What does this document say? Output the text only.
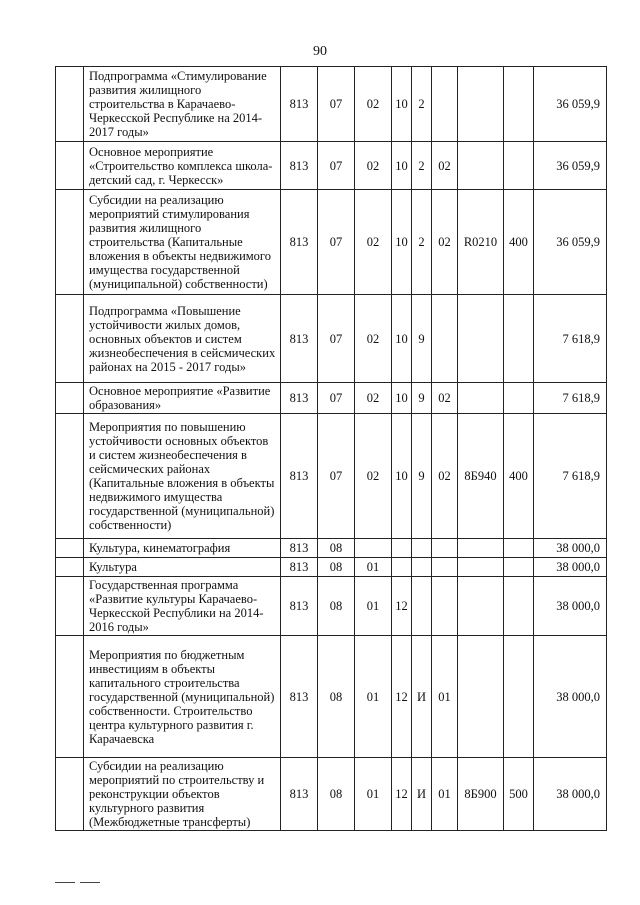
90
	Подпрограмма «Стимулирование развития жилищного строительства в Карачаево-Черкесской Республике на 2014-2017 годы»	813	07	02	10	2				36 059,9
	Основное мероприятие «Строительство комплекса школа-детский сад, г. Черкесск»	813	07	02	10	2	02			36 059,9
	Субсидии на реализацию мероприятий стимулирования развития жилищного строительства (Капитальные вложения в объекты недвижимого имущества государственной (муниципальной) собственности)	813	07	02	10	2	02	R0210	400	36 059,9
	Подпрограмма «Повышение устойчивости жилых домов, основных объектов и систем жизнеобеспечения в сейсмических районах на 2015 - 2017 годы»	813	07	02	10	9				7 618,9
	Основное мероприятие «Развитие образования»	813	07	02	10	9	02			7 618,9
	Мероприятия по повышению устойчивости основных объектов и систем жизнеобеспечения в сейсмических районах (Капитальные вложения в объекты недвижимого имущества государственной (муниципальной) собственности)	813	07	02	10	9	02	8Б940	400	7 618,9
	Культура, кинематография	813	08							38 000,0
	Культура	813	08	01						38 000,0
	Государственная программа «Развитие культуры Карачаево-Черкесской Республики на 2014-2016 годы»	813	08	01	12					38 000,0
	Мероприятия по бюджетным инвестициям в объекты капитального строительства государственной (муниципальной) собственности. Строительство центра культурного развития г. Карачаевска	813	08	01	12	И	01			38 000,0
	Субсидии на реализацию мероприятий по строительству и реконструкции объектов культурного развития (Межбюджетные трансферты)	813	08	01	12	И	01	8Б900	500	38 000,0
